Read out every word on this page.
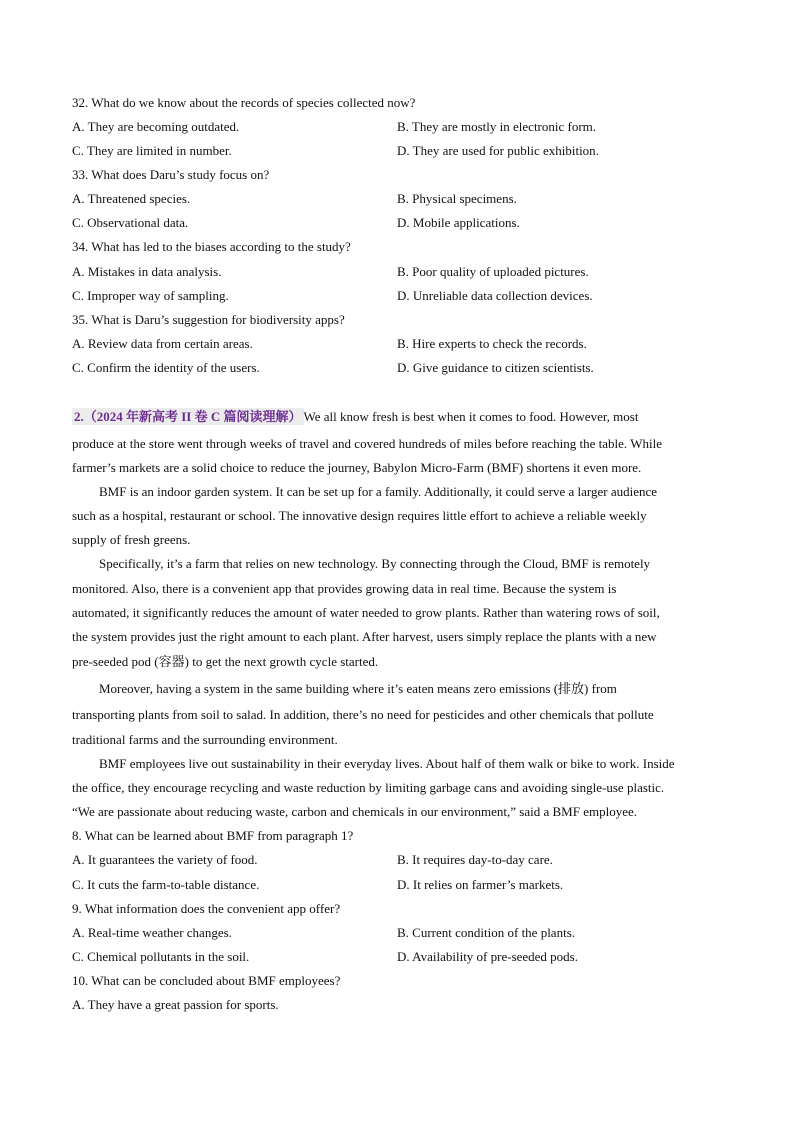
32. What do we know about the records of species collected now?
A. They are becoming outdated.	B. They are mostly in electronic form.
C. They are limited in number.	D. They are used for public exhibition.
33. What does Daru’s study focus on?
A. Threatened species.	B. Physical specimens.
C. Observational data.	D. Mobile applications.
34. What has led to the biases according to the study?
A. Mistakes in data analysis.	B. Poor quality of uploaded pictures.
C. Improper way of sampling.	D. Unreliable data collection devices.
35. What is Daru’s suggestion for biodiversity apps?
A. Review data from certain areas.	B. Hire experts to check the records.
C. Confirm the identity of the users.	D. Give guidance to citizen scientists.
2.（2024 年新高考 II 卷 C 篇阅读理解） We all know fresh is best when it comes to food. However, most
produce at the store went through weeks of travel and covered hundreds of miles before reaching the table. While
farmer’s markets are a solid choice to reduce the journey, Babylon Micro-Farm (BMF) shortens it even more.
BMF is an indoor garden system. It can be set up for a family. Additionally, it could serve a larger audience
such as a hospital, restaurant or school. The innovative design requires little effort to achieve a reliable weekly
supply of fresh greens.
Specifically, it’s a farm that relies on new technology. By connecting through the Cloud, BMF is remotely
monitored. Also, there is a convenient app that provides growing data in real time. Because the system is
automated, it significantly reduces the amount of water needed to grow plants. Rather than watering rows of soil,
the system provides just the right amount to each plant. After harvest, users simply replace the plants with a new
pre-seeded pod (容器) to get the next growth cycle started.
Moreover, having a system in the same building where it’s eaten means zero emissions (排放) from
transporting plants from soil to salad. In addition, there’s no need for pesticides and other chemicals that pollute
traditional farms and the surrounding environment.
BMF employees live out sustainability in their everyday lives. About half of them walk or bike to work. Inside
the office, they encourage recycling and waste reduction by limiting garbage cans and avoiding single-use plastic.
“We are passionate about reducing waste, carbon and chemicals in our environment,” said a BMF employee.
8. What can be learned about BMF from paragraph 1?
A. It guarantees the variety of food.	B. It requires day-to-day care.
C. It cuts the farm-to-table distance.	D. It relies on farmer’s markets.
9. What information does the convenient app offer?
A. Real-time weather changes.	B. Current condition of the plants.
C. Chemical pollutants in the soil.	D. Availability of pre-seeded pods.
10. What can be concluded about BMF employees?
A. They have a great passion for sports.
